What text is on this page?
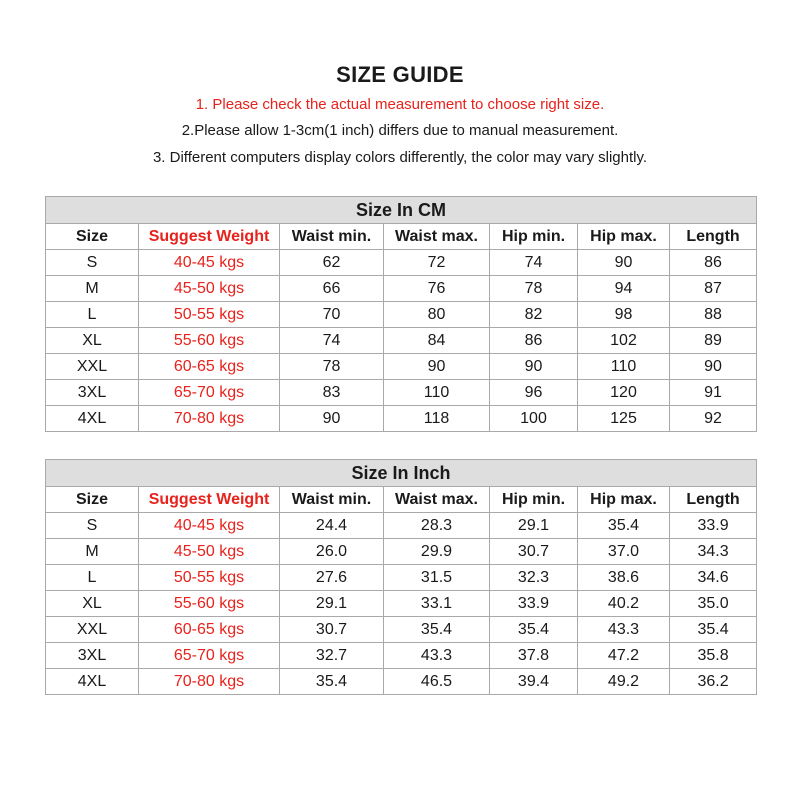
SIZE GUIDE
1. Please check the actual measurement to choose right size.
2.Please allow 1-3cm(1 inch) differs due to manual measurement.
3. Different computers display colors differently, the color may vary slightly.
Size In CM						
Size	Suggest Weight	Waist min.	Waist max.	Hip min.	Hip max.	Length
S	40-45 kgs	62	72	74	90	86
M	45-50 kgs	66	76	78	94	87
L	50-55 kgs	70	80	82	98	88
XL	55-60 kgs	74	84	86	102	89
XXL	60-65 kgs	78	90	90	110	90
3XL	65-70 kgs	83	110	96	120	91
4XL	70-80 kgs	90	118	100	125	92
Size In Inch						
Size	Suggest Weight	Waist min.	Waist max.	Hip min.	Hip max.	Length
S	40-45 kgs	24.4	28.3	29.1	35.4	33.9
M	45-50 kgs	26.0	29.9	30.7	37.0	34.3
L	50-55 kgs	27.6	31.5	32.3	38.6	34.6
XL	55-60 kgs	29.1	33.1	33.9	40.2	35.0
XXL	60-65 kgs	30.7	35.4	35.4	43.3	35.4
3XL	65-70 kgs	32.7	43.3	37.8	47.2	35.8
4XL	70-80 kgs	35.4	46.5	39.4	49.2	36.2
